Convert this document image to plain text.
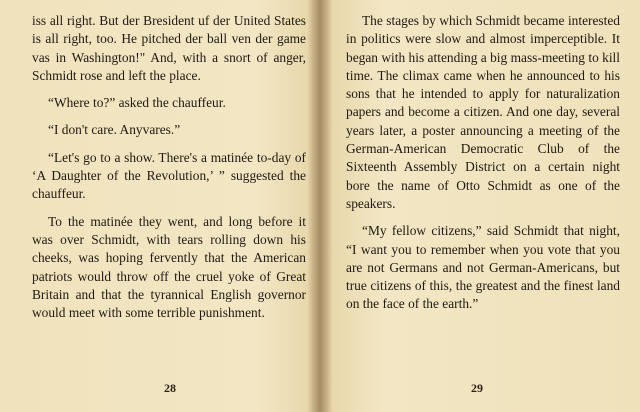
iss all right. But der Bresident uf der United States is all right, too. He pitched der ball ven der game vas in Washington!" And, with a snort of anger, Schmidt rose and left the place.

“Where to?” asked the chauffeur.

“I don't care. Anyvares.”

“Let's go to a show. There's a matinée to-day of ‘A Daughter of the Revolution,’ ” suggested the chauffeur.

To the matinée they went, and long before it was over Schmidt, with tears rolling down his cheeks, was hoping fervently that the American patriots would throw off the cruel yoke of Great Britain and that the tyrannical English governor would meet with some terrible punishment.

28

The stages by which Schmidt became interested in politics were slow and almost imperceptible. It began with his attending a big mass-meeting to kill time. The climax came when he announced to his sons that he intended to apply for naturalization papers and become a citizen. And one day, several years later, a poster announcing a meeting of the German-American Democratic Club of the Sixteenth Assembly District on a certain night bore the name of Otto Schmidt as one of the speakers.

“My fellow citizens,” said Schmidt that night, “I want you to remember when you vote that you are not Germans and not German-Americans, but true citizens of this, the greatest and the finest land on the face of the earth.”

29
